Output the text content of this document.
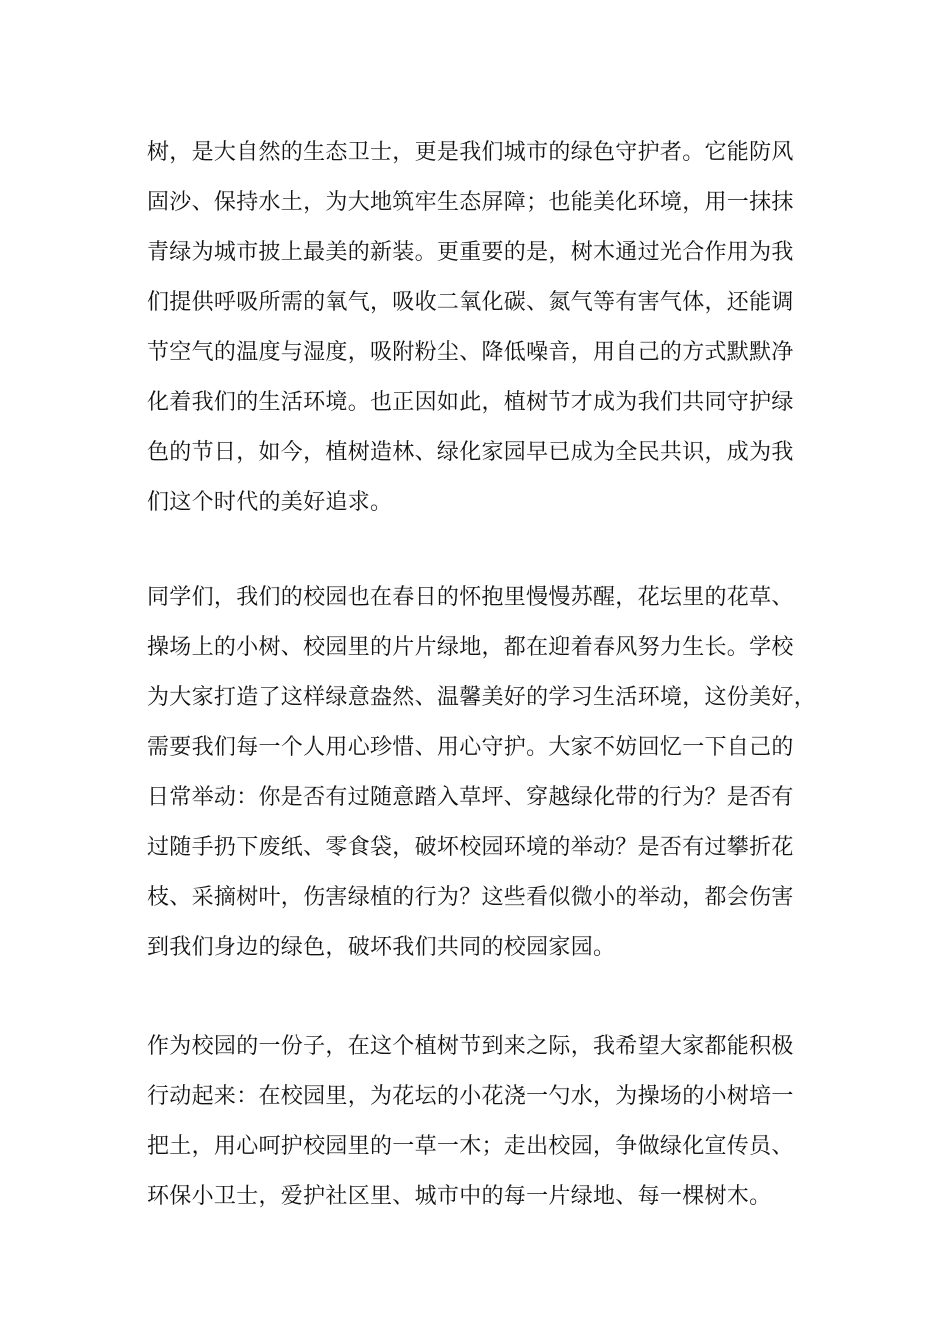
树，是大自然的生态卫士，更是我们城市的绿色守护者。它能防风
固沙、保持水土，为大地筑牢生态屏障；也能美化环境，用一抹抹
青绿为城市披上最美的新装。更重要的是，树木通过光合作用为我
们提供呼吸所需的氧气，吸收二氧化碳、氮气等有害气体，还能调
节空气的温度与湿度，吸附粉尘、降低噪音，用自己的方式默默净
化着我们的生活环境。也正因如此，植树节才成为我们共同守护绿
色的节日，如今，植树造林、绿化家园早已成为全民共识，成为我
们这个时代的美好追求。
同学们，我们的校园也在春日的怀抱里慢慢苏醒，花坛里的花草、
操场上的小树、校园里的片片绿地，都在迎着春风努力生长。学校
为大家打造了这样绿意盎然、温馨美好的学习生活环境，这份美好，
需要我们每一个人用心珍惜、用心守护。大家不妨回忆一下自己的
日常举动：你是否有过随意踏入草坪、穿越绿化带的行为？是否有
过随手扔下废纸、零食袋，破坏校园环境的举动？是否有过攀折花
枝、采摘树叶，伤害绿植的行为？这些看似微小的举动，都会伤害
到我们身边的绿色，破坏我们共同的校园家园。
作为校园的一份子，在这个植树节到来之际，我希望大家都能积极
行动起来：在校园里，为花坛的小花浇一勺水，为操场的小树培一
把土，用心呵护校园里的一草一木；走出校园，争做绿化宣传员、
环保小卫士，爱护社区里、城市中的每一片绿地、每一棵树木。
